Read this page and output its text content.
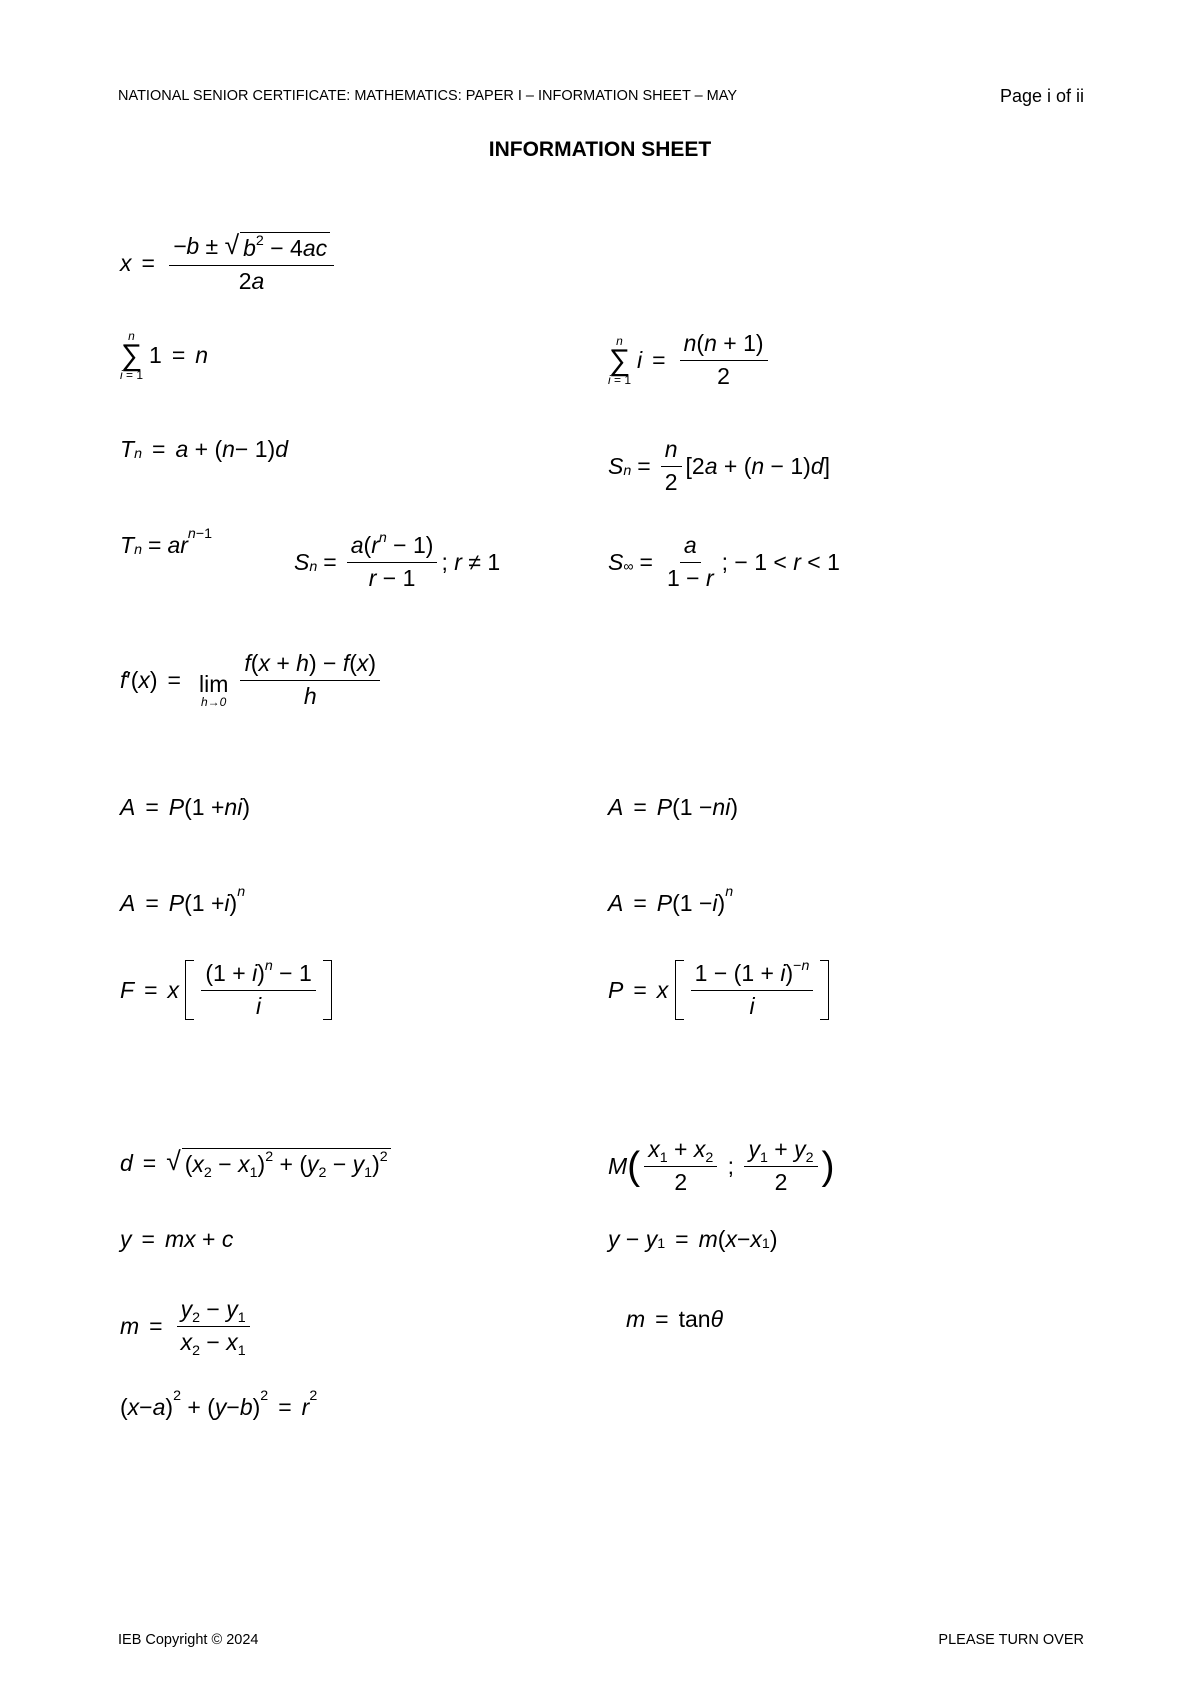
NATIONAL SENIOR CERTIFICATE: MATHEMATICS: PAPER I – INFORMATION SHEET – MAY	Page i of ii
INFORMATION SHEET
$x = \frac{-b \pm √ b^2 - 4ac}{2a}$
n
∑
i = 1
1 = n
n
∑
i = 1
$i = \frac{n(n + 1)}{2}$
T n = a + ( n − 1) d
S $n = \frac{n}{2} [2a + (n - 1)d]$
T n = ar n−1
S $n = \frac{a(r^n - 1)}{r - 1}$ ; r ≠ 1	S ∞ = $\frac{a}{1 - r}$ ; − 1 < r < 1
f ′( x ) = lim
$h\to 0 \frac{f(x + h) - f(x)}{h}$
A = P (1 + ni )	A = P (1 − ni )
A = P (1 + i ) n	A = P (1 − i ) n
F = x
$\frac{(1 + i)^n - 1}{i}$	P = x
$\frac{1 - (1 + i)^{-n}}{i}$
d = √ $(x_2 - x_1)^2 + (y_2 - y_1)^2$	M ( $\frac{x_1 + x_2}{2}$ ; $\frac{y_1 + y_2}{2}$ )
y = mx + c	y − y 1 = m ( x − x 1 )
$m = \frac{y_2 - y_1}{x_2 - x_1}$	m = tanθ
( x − a ) 2 + ( y − b ) 2 = r 2
IEB Copyright © 2024	PLEASE TURN OVER
